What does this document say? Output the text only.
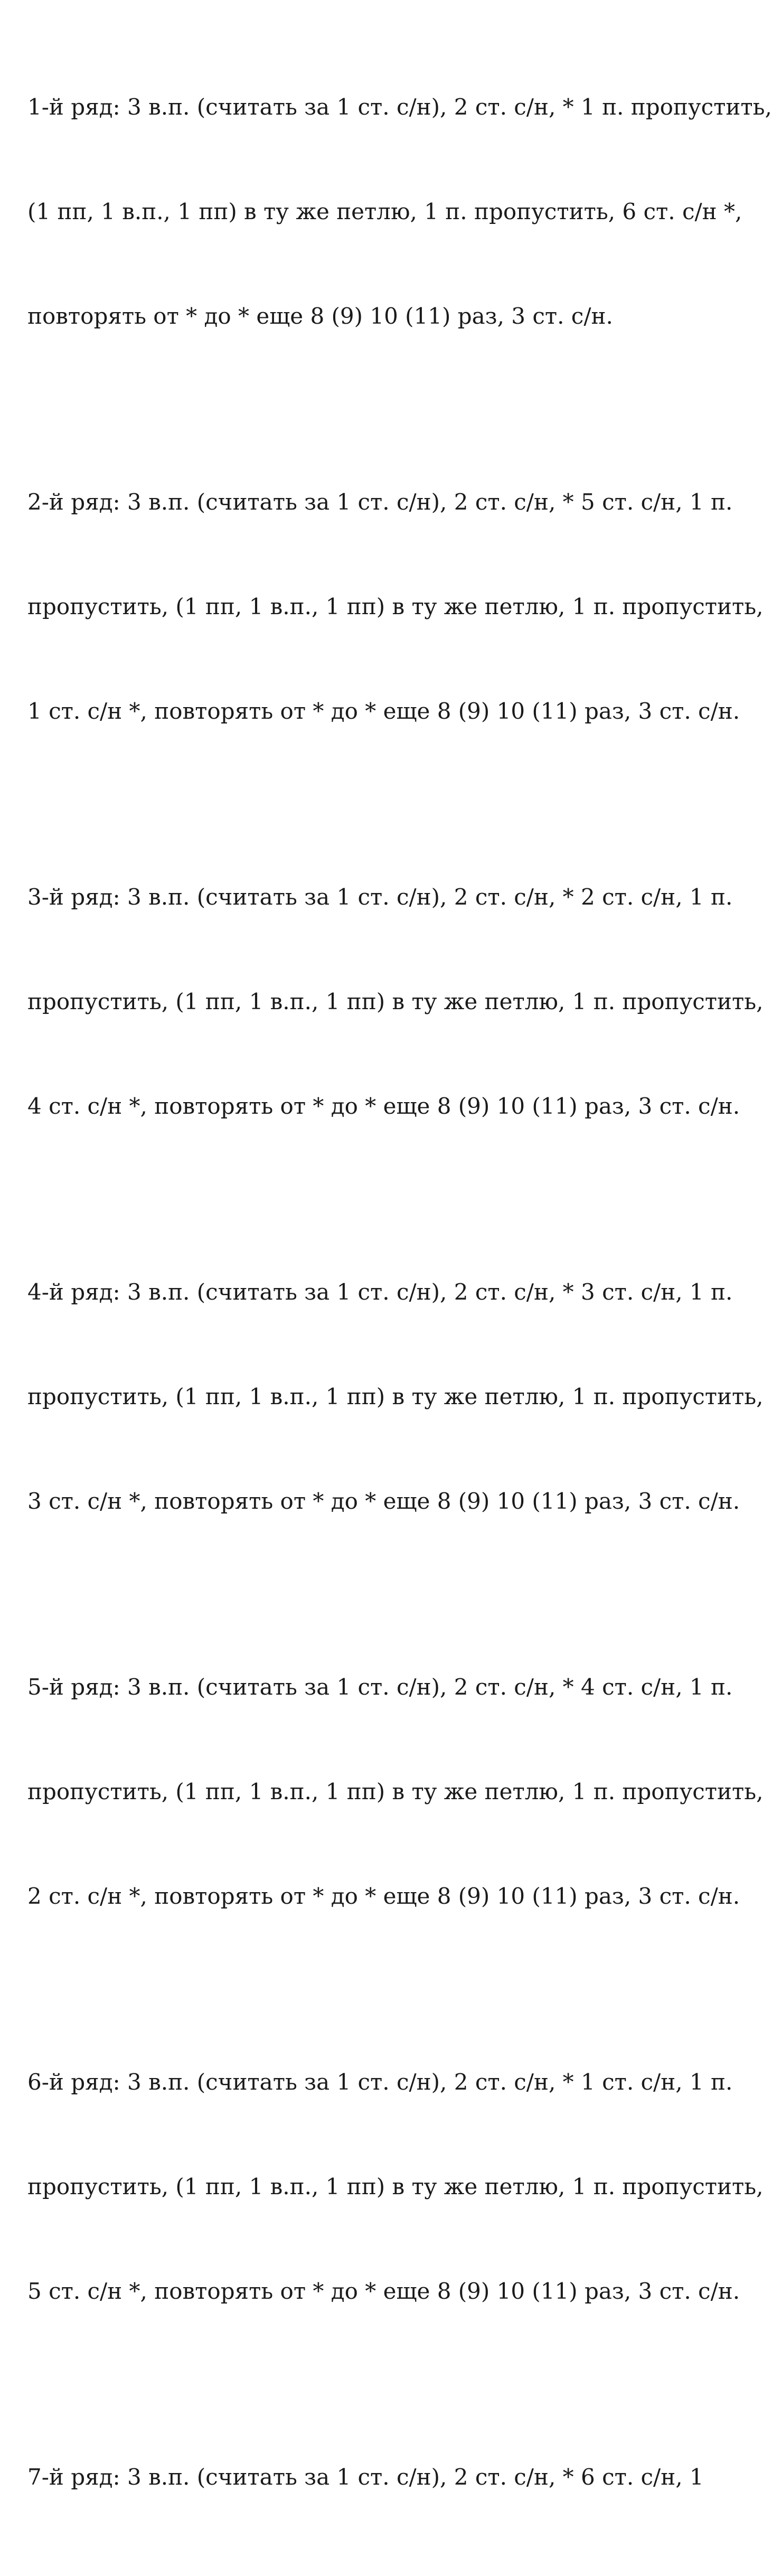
1-й ряд: 3 в.п. (считать за 1 ст. с/н), 2 ст. с/н, * 1 п. пропустить,

(1 пп, 1 в.п., 1 пп) в ту же петлю, 1 п. пропустить, 6 ст. с/н *,

повторять от * до * еще 8 (9) 10 (11) раз, 3 ст. с/н.

2-й ряд: 3 в.п. (считать за 1 ст. с/н), 2 ст. с/н, * 5 ст. с/н, 1 п.

пропустить, (1 пп, 1 в.п., 1 пп) в ту же петлю, 1 п. пропустить,

1 ст. с/н *, повторять от * до * еще 8 (9) 10 (11) раз, 3 ст. с/н.

3-й ряд: 3 в.п. (считать за 1 ст. с/н), 2 ст. с/н, * 2 ст. с/н, 1 п.

пропустить, (1 пп, 1 в.п., 1 пп) в ту же петлю, 1 п. пропустить,

4 ст. с/н *, повторять от * до * еще 8 (9) 10 (11) раз, 3 ст. с/н.

4-й ряд: 3 в.п. (считать за 1 ст. с/н), 2 ст. с/н, * 3 ст. с/н, 1 п.

пропустить, (1 пп, 1 в.п., 1 пп) в ту же петлю, 1 п. пропустить,

3 ст. с/н *, повторять от * до * еще 8 (9) 10 (11) раз, 3 ст. с/н.

5-й ряд: 3 в.п. (считать за 1 ст. с/н), 2 ст. с/н, * 4 ст. с/н, 1 п.

пропустить, (1 пп, 1 в.п., 1 пп) в ту же петлю, 1 п. пропустить,

2 ст. с/н *, повторять от * до * еще 8 (9) 10 (11) раз, 3 ст. с/н.

6-й ряд: 3 в.п. (считать за 1 ст. с/н), 2 ст. с/н, * 1 ст. с/н, 1 п.

пропустить, (1 пп, 1 в.п., 1 пп) в ту же петлю, 1 п. пропустить,

5 ст. с/н *, повторять от * до * еще 8 (9) 10 (11) раз, 3 ст. с/н.

7-й ряд: 3 в.п. (считать за 1 ст. с/н), 2 ст. с/н, * 6 ст. с/н, 1
